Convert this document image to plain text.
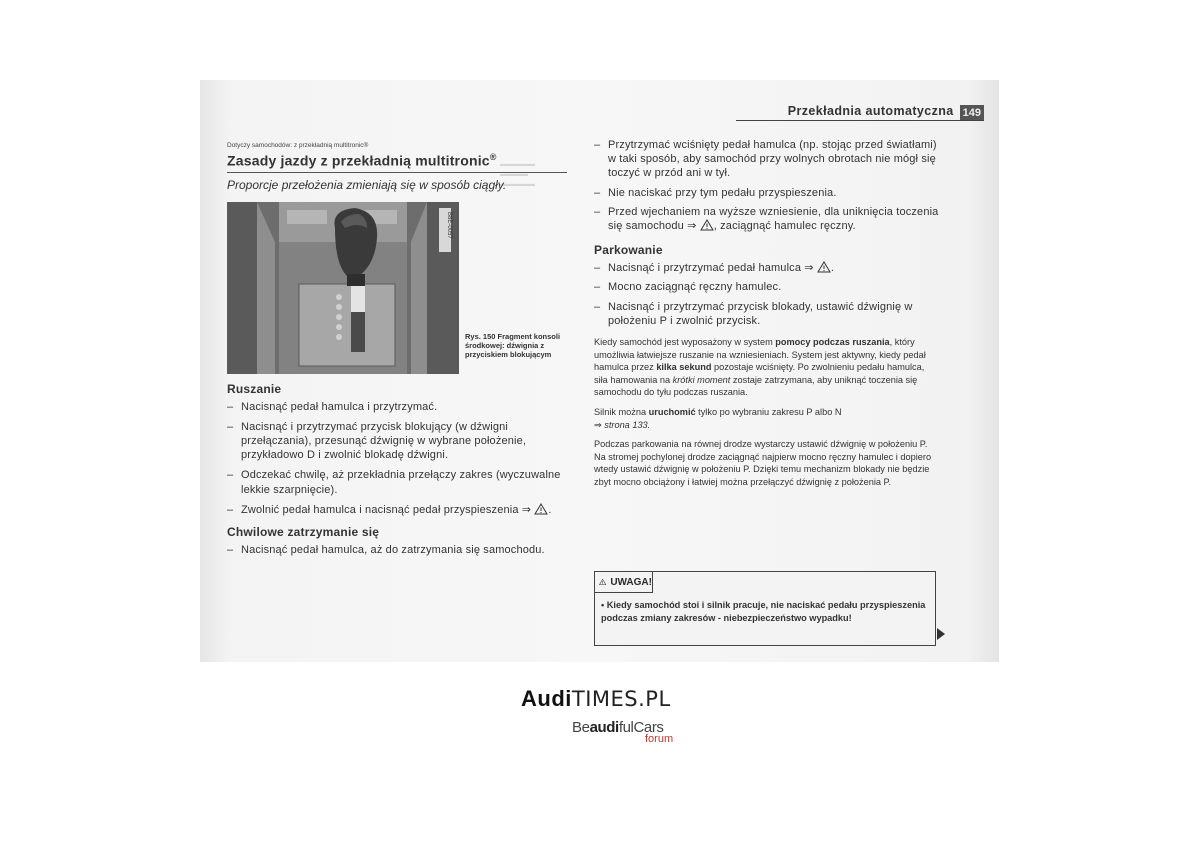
▬▬▬▬▬
▬▬▬▬
▬▬▬▬▬
Przekładnia automatyczna 149
Dotyczy samochodów: z przekładnią multitronic®
Zasady jazdy z przekładnią multitronic®
Proporcje przełożenia zmieniają się w sposób ciągły.
B8E-0057
Rys. 150 Fragment konsoli środkowej: dźwignia z przyciskiem blokującym
Ruszanie
– Nacisnąć pedał hamulca i przytrzymać.
– Nacisnąć i przytrzymać przycisk blokujący (w dźwigni przełączania), przesunąć dźwignię w wybrane położenie, przykładowo D i zwolnić blokadę dźwigni.
– Odczekać chwilę, aż przekładnia przełączy zakres (wyczuwalne lekkie szarpnięcie).
– Zwolnić pedał hamulca i nacisnąć pedał przyspieszenia ⇒ .
Chwilowe zatrzymanie się
– Nacisnąć pedał hamulca, aż do zatrzymania się samochodu.
– Przytrzymać wciśnięty pedał hamulca (np. stojąc przed światłami) w taki sposób, aby samochód przy wolnych obrotach nie mógł się toczyć w przód ani w tył.
– Nie naciskać przy tym pedału przyspieszenia.
– Przed wjechaniem na wyższe wzniesienie, dla uniknięcia toczenia się samochodu ⇒ , zaciągnąć hamulec ręczny.
Parkowanie
– Nacisnąć i przytrzymać pedał hamulca ⇒ .
– Mocno zaciągnąć ręczny hamulec.
– Nacisnąć i przytrzymać przycisk blokady, ustawić dźwignię w położeniu P i zwolnić przycisk.
Kiedy samochód jest wyposażony w system pomocy podczas ruszania, który umożliwia łatwiejsze ruszanie na wzniesieniach. System jest aktywny, kiedy pedał hamulca przez kilka sekund pozostaje wciśnięty. Po zwolnieniu pedału hamulca, siła hamowania na krótki moment zostaje zatrzymana, aby uniknąć toczenia się samochodu do tyłu podczas ruszania.
Silnik można uruchomić tylko po wybraniu zakresu P albo N
⇒ strona 133.
Podczas parkowania na równej drodze wystarczy ustawić dźwignię w położeniu P. Na stromej pochylonej drodze zaciągnąć najpierw mocno ręczny hamulec i dopiero wtedy ustawić dźwignię w położeniu P. Dzięki temu mechanizm blokady nie będzie zbyt mocno obciążony i łatwiej można przełączyć dźwignię z położenia P.
UWAGA!
• Kiedy samochód stoi i silnik pracuje, nie naciskać pedału przyspieszenia podczas zmiany zakresów - niebezpieczeństwo wypadku!
AudiTIMES.PL
BeaudifulCars
forum
